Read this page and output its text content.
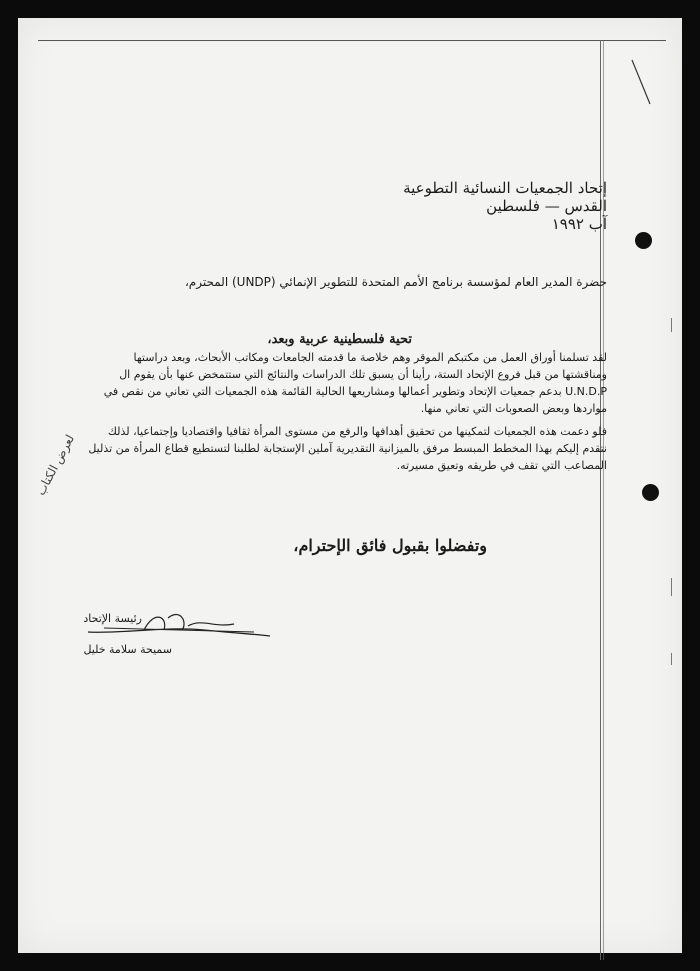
إتحاد الجمعيات النسائية التطوعية
القدس — فلسطين
آب ١٩٩٢
حضرة المدير العام لمؤسسة برنامج الأمم المتحدة للتطوير الإنمائي (UNDP) المحترم،
تحية فلسطينية عربية وبعد،
لقد تسلمنا أوراق العمل من مكتبكم الموقر وهم خلاصة ما قدمته الجامعات ومكاتب الأبحاث، وبعد دراستها ومناقشتها من قبل فروع الإتحاد الستة، رأينا أن يسبق تلك الدراسات والنتائج التي ستتمخض عنها بأن يقوم ال U.N.D.P بدعم جمعيات الإتحاد وتطوير أعمالها ومشاريعها الحالية القائمة هذه الجمعيات التي تعاني من نقص في مواردها وبعض الصعوبات التي تعاني منها.
فلو دعمت هذه الجمعيات لتمكينها من تحقيق أهدافها والرفع من مستوى المرأة ثقافيا واقتصاديا وإجتماعيا، لذلك نتقدم إليكم بهذا المخطط المبسط مرفق بالميزانية التقديرية آملين الإستجابة لطلبنا لتستطيع قطاع المرأة من تذليل المصاعب التي تقف في طريقه وتعيق مسيرته.
وتفضلوا بقبول فائق الإحترام،
رئيسة الإتحاد
سميحة سلامة خليل
لعرض الكتاب
